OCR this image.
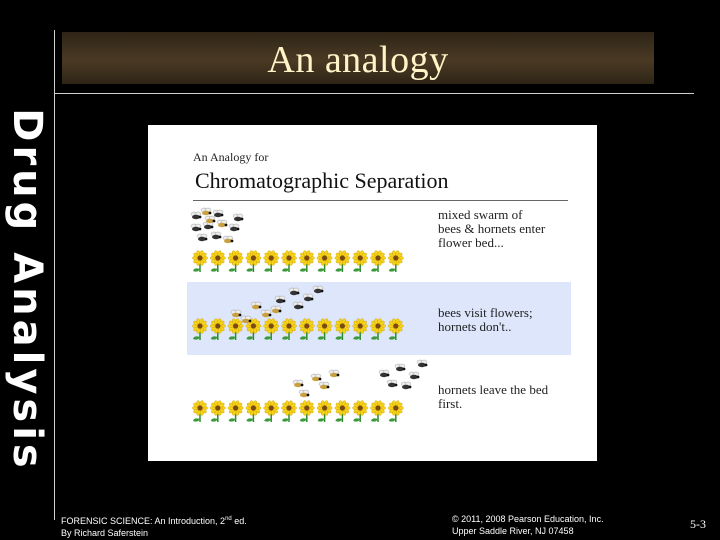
An analogy
Drug Analysis	An Analogy for
Chromatographic Separation
mixed swarm of
bees & hornets enter
flower bed...
bees visit flowers;
hornets don't..
hornets leave the bed
first.
FORENSIC SCIENCE: An Introduction, 2nd ed.
By Richard Saferstein
© 2011, 2008 Pearson Education, Inc.
Upper Saddle River, NJ 07458	5-3
